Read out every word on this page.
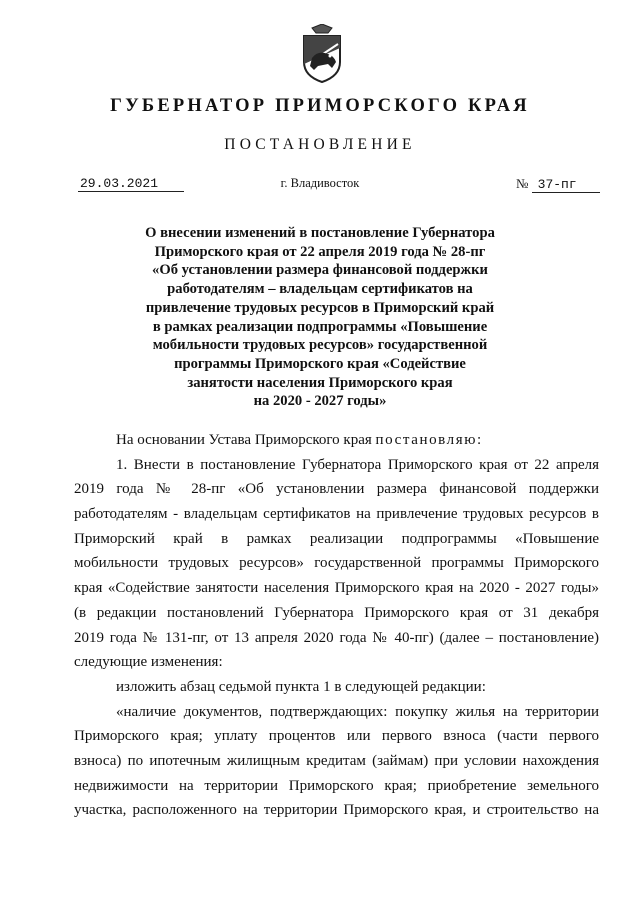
ГУБЕРНАТОР ПРИМОРСКОГО КРАЯ
ПОСТАНОВЛЕНИЕ
29.03.2021	г. Владивосток	№ 37-пг
О внесении изменений в постановление Губернатора
Приморского края от 22 апреля 2019 года № 28-пг
«Об установлении размера финансовой поддержки
работодателям – владельцам сертификатов на
привлечение трудовых ресурсов в Приморский край
в рамках реализации подпрограммы «Повышение
мобильности трудовых ресурсов» государственной
программы Приморского края «Содействие
занятости населения Приморского края
на 2020 - 2027 годы»
На основании Устава Приморского края постановляю:
1. Внести в постановление Губернатора Приморского края от 22 апреля
2019 года № 28-пг «Об установлении размера финансовой поддержки
работодателям - владельцам сертификатов на привлечение трудовых ресурсов в
Приморский край в рамках реализации подпрограммы «Повышение
мобильности трудовых ресурсов» государственной программы Приморского
края «Содействие занятости населения Приморского края на 2020 - 2027 годы»
(в редакции постановлений Губернатора Приморского края от 31 декабря
2019 года № 131-пг, от 13 апреля 2020 года № 40-пг) (далее – постановление)
следующие изменения:
изложить абзац седьмой пункта 1 в следующей редакции:
«наличие документов, подтверждающих: покупку жилья на территории
Приморского края; уплату процентов или первого взноса (части первого
взноса) по ипотечным жилищным кредитам (займам) при условии нахождения
недвижимости на территории Приморского края; приобретение земельного
участка, расположенного на территории Приморского края, и строительство на
